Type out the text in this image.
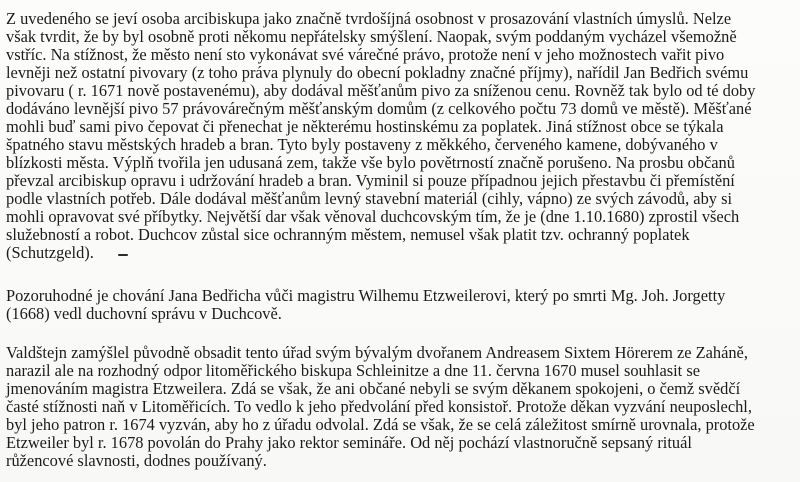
Z uvedeného se jeví osoba arcibiskupa jako značně tvrdošíjná osobnost v prosazování vlastních úmyslů. Nelze
však tvrdit, že by byl osobně proti někomu nepřátelsky smýšlení. Naopak, svým poddaným vycházel všemožně
vstříc. Na stížnost, že město není sto vykonávat své várečné právo, protože není v jeho možnostech vařit pivo
levněji než ostatní pivovary (z toho práva plynuly do obecní pokladny značné příjmy), nařídil Jan Bedřich svému
pivovaru ( r. 1671 nově postavenému), aby dodával měšťanům pivo za sníženou cenu. Rovněž tak bylo od té doby
dodáváno levnější pivo 57 právovárečným měšťanským domům (z celkového počtu 73 domů ve městě). Měšťané
mohli buď sami pivo čepovat či přenechat je některému hostinskému za poplatek. Jiná stížnost obce se týkala
špatného stavu městských hradeb a bran. Tyto byly postaveny z měkkého, červeného kamene, dobývaného v
blízkosti města. Výplň tvořila jen udusaná zem, takže vše bylo povětrností značně porušeno. Na prosbu občanů
převzal arcibiskup opravu i udržování hradeb a bran. Vyminil si pouze případnou jejich přestavbu či přemístění
podle vlastních potřeb. Dále dodával měšťanům levný stavební materiál (cihly, vápno) ze svých závodů, aby si
mohli opravovat své příbytky. Největší dar však věnoval duchcovským tím, že je (dne 1.10.1680) zprostil všech
služebností a robot. Duchcov zůstal sice ochranným městem, nemusel však platit tzv. ochranný poplatek
(Schutzgeld).
Pozoruhodné je chování Jana Bedřicha vůči magistru Wilhemu Etzweilerovi, který po smrti Mg. Joh. Jorgetty
(1668) vedl duchovní správu v Duchcově.
Valdštejn zamýšlel původně obsadit tento úřad svým bývalým dvořanem Andreasem Sixtem Hörerem ze Zaháně,
narazil ale na rozhodný odpor litoměřického biskupa Schleinitze a dne 11. června 1670 musel souhlasit se
jmenováním magistra Etzweilera. Zdá se však, že ani občané nebyli se svým děkanem spokojeni, o čemž svědčí
časté stížnosti naň v Litoměřicích. To vedlo k jeho předvolání před konsistoř. Protože děkan vyzvání neuposlechl,
byl jeho patron r. 1674 vyzván, aby ho z úřadu odvolal. Zdá se však, že se celá záležitost smírně urovnala, protože
Etzweiler byl r. 1678 povolán do Prahy jako rektor semináře. Od něj pochází vlastnoručně sepsaný rituál
růžencové slavnosti, dodnes používaný.
